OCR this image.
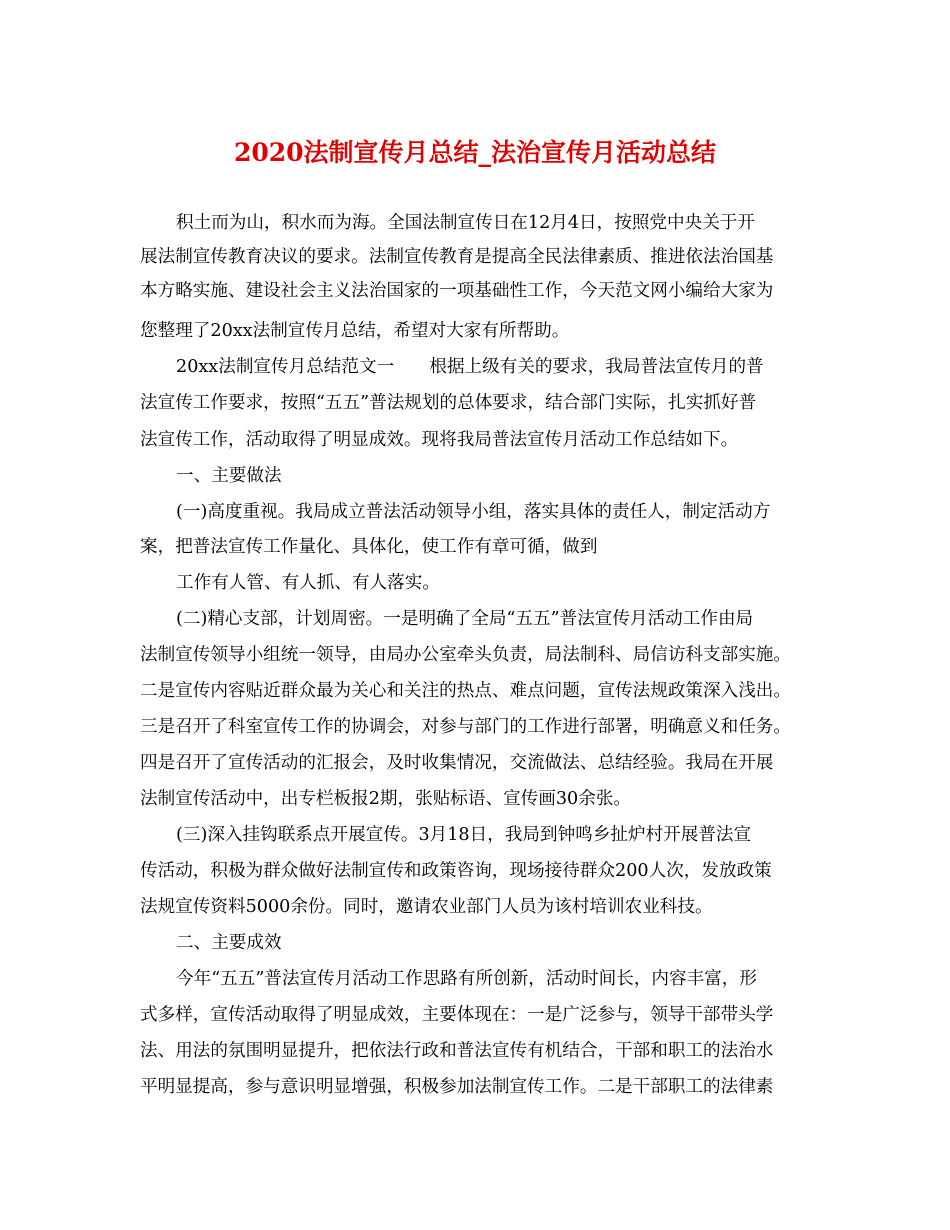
2020法制宣传月总结_法治宣传月活动总结
积土而为山，积水而为海。全国法制宣传日在12月4日，按照党中央关于开
展法制宣传教育决议的要求。法制宣传教育是提高全民法律素质、推进依法治国基
本方略实施、建设社会主义法治国家的一项基础性工作，今天范文网小编给大家为
您整理了20xx法制宣传月总结，希望对大家有所帮助。
20xx法制宣传月总结范文一　　根据上级有关的要求，我局普法宣传月的普
法宣传工作要求，按照“五五”普法规划的总体要求，结合部门实际，扎实抓好普
法宣传工作，活动取得了明显成效。现将我局普法宣传月活动工作总结如下。
一、主要做法
(一)高度重视。我局成立普法活动领导小组，落实具体的责任人，制定活动方
案，把普法宣传工作量化、具体化，使工作有章可循，做到
工作有人管、有人抓、有人落实。
(二)精心支部，计划周密。一是明确了全局“五五”普法宣传月活动工作由局
法制宣传领导小组统一领导，由局办公室牵头负责，局法制科、局信访科支部实施。
二是宣传内容贴近群众最为关心和关注的热点、难点问题，宣传法规政策深入浅出。
三是召开了科室宣传工作的协调会，对参与部门的工作进行部署，明确意义和任务。
四是召开了宣传活动的汇报会，及时收集情况，交流做法、总结经验。我局在开展
法制宣传活动中，出专栏板报2期，张贴标语、宣传画30余张。
(三)深入挂钩联系点开展宣传。3月18日，我局到钟鸣乡扯炉村开展普法宣
传活动，积极为群众做好法制宣传和政策咨询，现场接待群众200人次，发放政策
法规宣传资料5000余份。同时，邀请农业部门人员为该村培训农业科技。
二、主要成效
今年“五五”普法宣传月活动工作思路有所创新，活动时间长，内容丰富，形
式多样，宣传活动取得了明显成效，主要体现在：一是广泛参与，领导干部带头学
法、用法的氛围明显提升，把依法行政和普法宣传有机结合，干部和职工的法治水
平明显提高，参与意识明显增强，积极参加法制宣传工作。二是干部职工的法律素
